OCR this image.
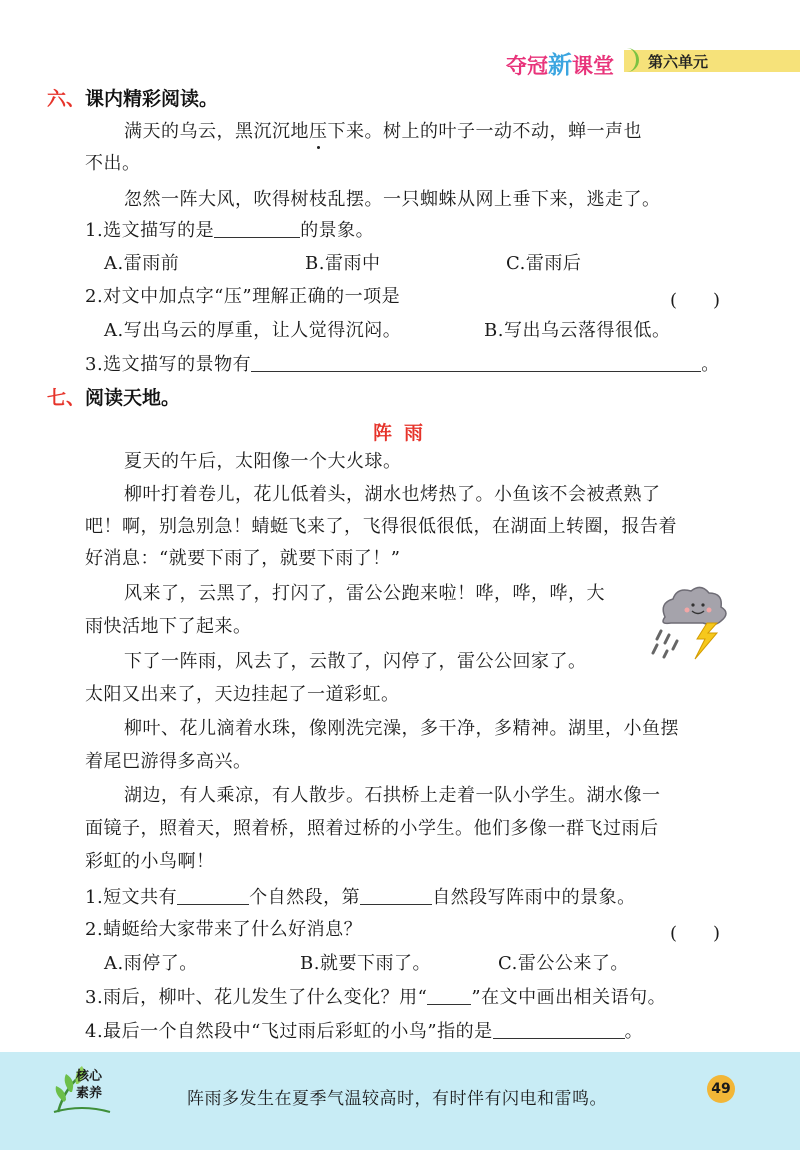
夺冠新课堂 第六单元
六、课内精彩阅读。
满天的乌云，黑沉沉地压下来。树上的叶子一动不动，蝉一声也
不出。
忽然一阵大风，吹得树枝乱摆。一只蜘蛛从网上垂下来，逃走了。
1.选文描写的是	的景象。
A.雷雨前	B.雷雨中	C.雷雨后
2.对文中加点字“压”理解正确的一项是	(　　)
A.写出乌云的厚重，让人觉得沉闷。	B.写出乌云落得很低。
3.选文描写的景物有	。
七、阅读天地。
阵雨
夏天的午后，太阳像一个大火球。
柳叶打着卷儿，花儿低着头，湖水也烤热了。小鱼该不会被煮熟了
吧！啊，别急别急！蜻蜓飞来了，飞得很低很低，在湖面上转圈，报告着
好消息：“就要下雨了，就要下雨了！”
风来了，云黑了，打闪了，雷公公跑来啦！哗，哗，哗，大
雨快活地下了起来。
下了一阵雨，风去了，云散了，闪停了，雷公公回家了。
太阳又出来了，天边挂起了一道彩虹。
柳叶、花儿滴着水珠，像刚洗完澡，多干净，多精神。湖里，小鱼摆
着尾巴游得多高兴。
湖边，有人乘凉，有人散步。石拱桥上走着一队小学生。湖水像一
面镜子，照着天，照着桥，照着过桥的小学生。他们多像一群飞过雨后
彩虹的小鸟啊！
1.短文共有	个自然段，第	自然段写阵雨中的景象。
2.蜻蜓给大家带来了什么好消息？	(　　)
A.雨停了。	B.就要下雨了。	C.雷公公来了。
3.雨后，柳叶、花儿发生了什么变化？用“ ”在文中画出相关语句。
4.最后一个自然段中“飞过雨后彩虹的小鸟”指的是	。
核心
素养	阵雨多发生在夏季气温较高时，有时伴有闪电和雷鸣。	49
